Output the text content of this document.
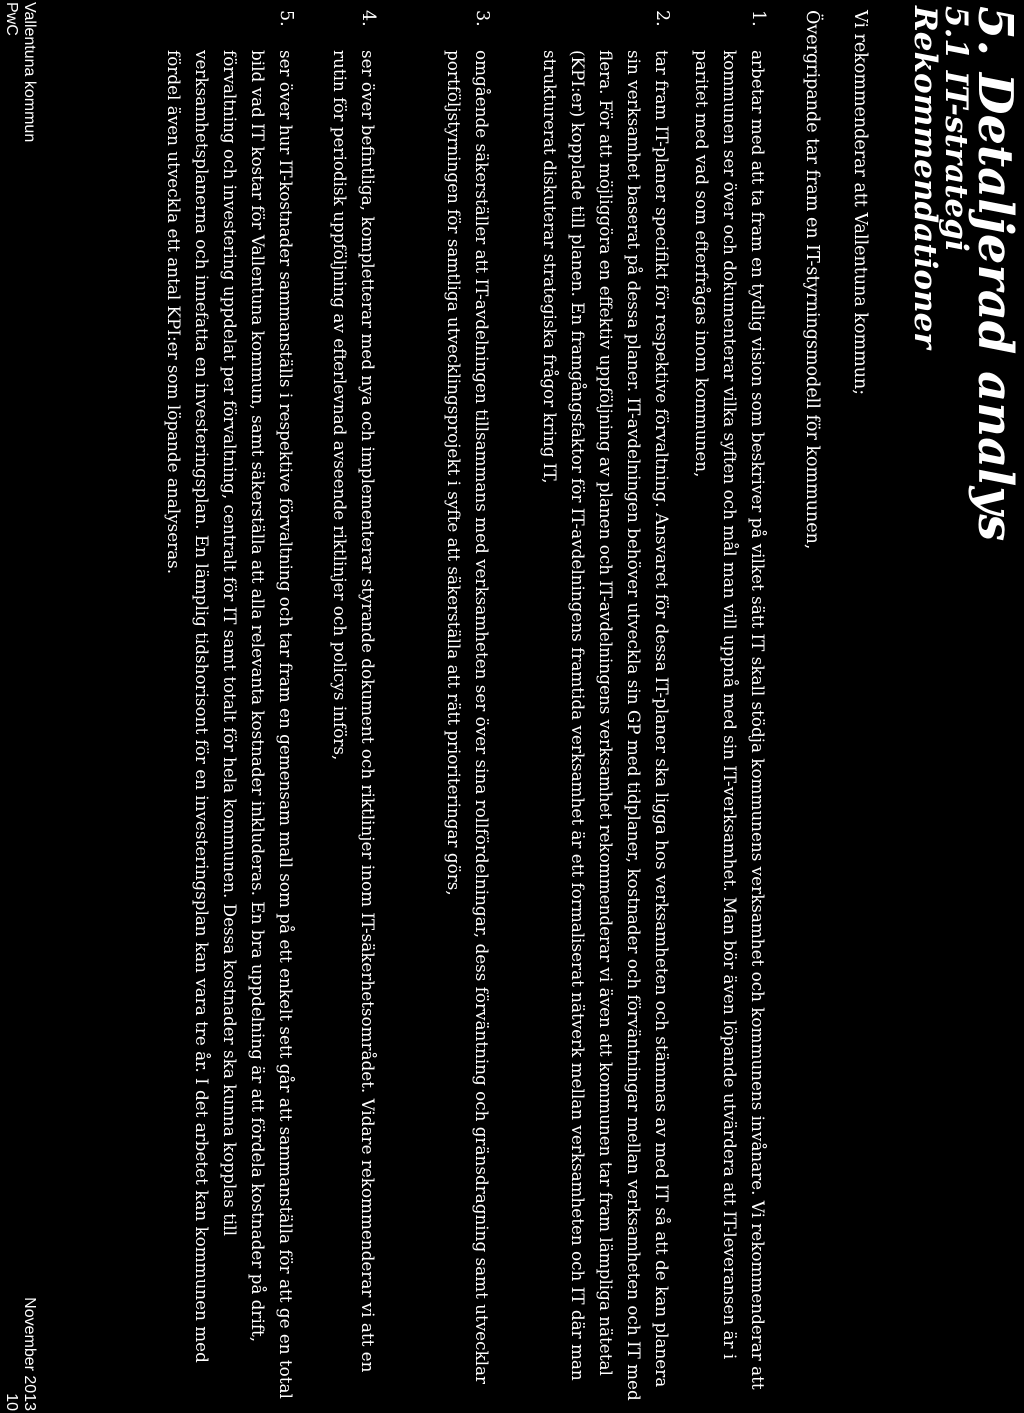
5. Detaljerad analys
5.1 IT-strategi
Rekommendationer
Vi rekommenderar att Vallentuna kommun;
Övergripande tar fram en IT-styrningsmodell för kommunen,
1.
arbetar med att ta fram en tydlig vision som beskriver på vilket sätt IT skall stödja kommunens verksamhet och kommunens invånare. Vi rekommenderar att kommunen ser över och dokumenterar vilka syften och mål man vill uppnå med sin IT-verksamhet. Man bör även löpande utvärdera att IT-leveransen är i paritet med vad som efterfrågas inom kommunen,
2.
tar fram IT-planer specifikt för respektive förvaltning. Ansvaret för dessa IT-planer ska ligga hos verksamheten och stämmas av med IT så att de kan planera sin verksamhet baserat på dessa planer. IT-avdelningen behöver utveckla sin GP med tidplaner, kostnader och förväntningar mellan verksamheten och IT med flera. För att möjliggöra en effektiv uppföljning av planen och IT-avdelningens verksamhet rekommenderar vi även att kommunen tar fram lämpliga nätetal (KPI:er) kopplade till planen. En framgångsfaktor för IT-avdelningens framtida verksamhet är ett formaliserat nätverk mellan verksamheten och IT där man strukturerat diskuterar strategiska frågor kring IT,
3.
omgående säkerställer att IT-avdelningen tillsammans med verksamheten ser över sina rollfördelningar, dess förväntning och gränsdragning samt utvecklar portföljstyrningen för samtliga utvecklingsprojekt i syfte att säkerställa att rätt prioriteringar görs,
4.
ser över befintliga, kompletterar med nya och implementerar styrande dokument och riktlinjer inom IT-säkerhetsområdet. Vidare rekommenderar vi att en rutin för periodisk uppföljning av efterlevnad avseende riktlinjer och policys införs,
5.
ser över hur IT-kostnader sammanställs i respektive förvaltning och tar fram en gemensam mall som på ett enkelt sett går att sammanställa för att ge en total bild vad IT kostar för Vallentuna kommun, samt säkerställa att alla relevanta kostnader inkluderas. En bra uppdelning är att fördela kostnader på drift, förvaltning och investering uppdelat per förvaltning, centralt för IT samt totalt för hela kommunen. Dessa kostnader ska kunna kopplas till verksamhetsplanerna och innefatta en investeringsplan. En lämplig tidshorisont för en investeringsplan kan vara tre år. I det arbetet kan kommunen med fördel även utveckla ett antal KPI:er som löpande analyseras.
Vallentuna kommun
PwC
November 2013
10
